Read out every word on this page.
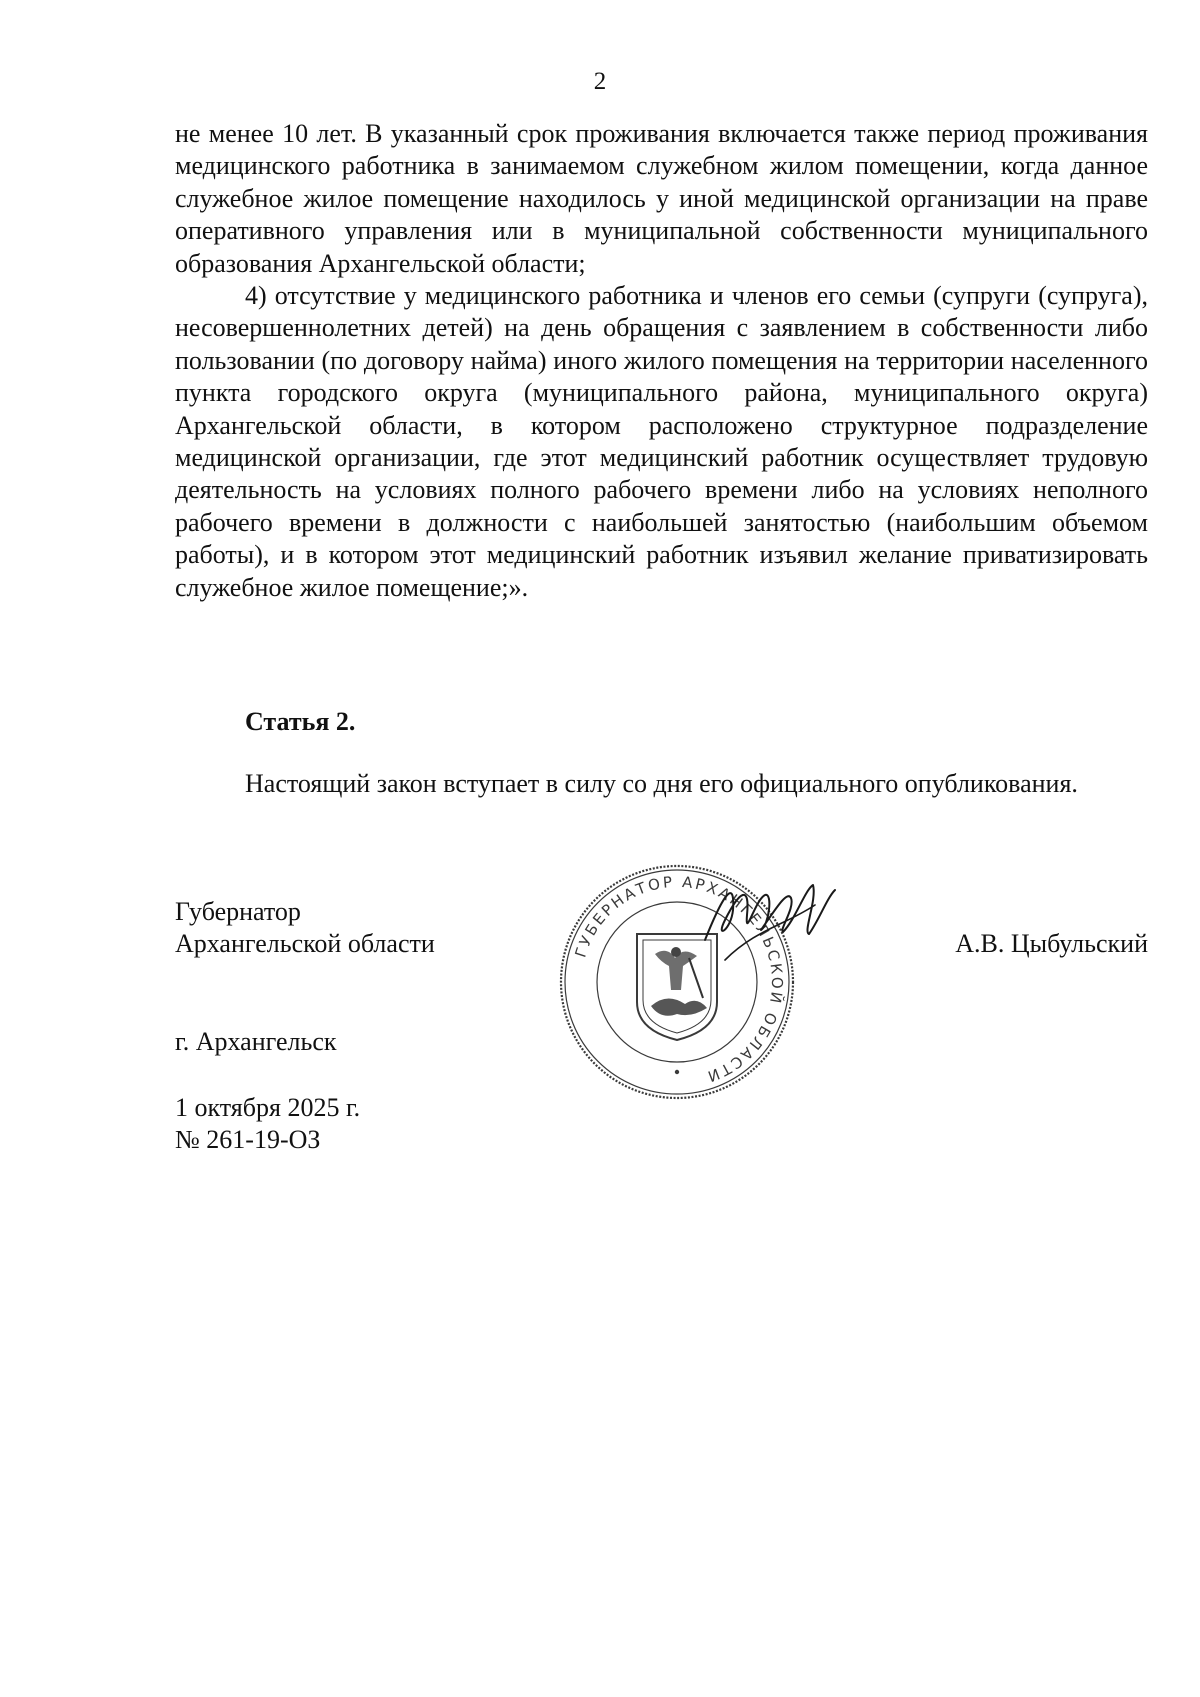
2

не менее 10 лет. В указанный срок проживания включается также период проживания медицинского работника в занимаемом служебном жилом помещении, когда данное служебное жилое помещение находилось у иной медицинской организации на праве оперативного управления или в муниципальной собственности муниципального образования Архангельской области;

4) отсутствие у медицинского работника и членов его семьи (супруги (супруга), несовершеннолетних детей) на день обращения с заявлением в собственности либо пользовании (по договору найма) иного жилого помещения на территории населенного пункта городского округа (муниципального района, муниципального округа) Архангельской области, в котором расположено структурное подразделение медицинской организации, где этот медицинский работник осуществляет трудовую деятельность на условиях полного рабочего времени либо на условиях неполного рабочего времени в должности с наибольшей занятостью (наибольшим объемом работы), и в котором этот медицинский работник изъявил желание приватизировать служебное жилое помещение;».

Статья 2.

Настоящий закон вступает в силу со дня его официального опубликования.

Губернатор
Архангельской области	А.В. Цыбульский
ГУБЕРНАТОР АРХАНГЕЛЬСКОЙ ОБЛАСТИ
г. Архангельск
1 октября 2025 г.
№ 261-19-ОЗ
